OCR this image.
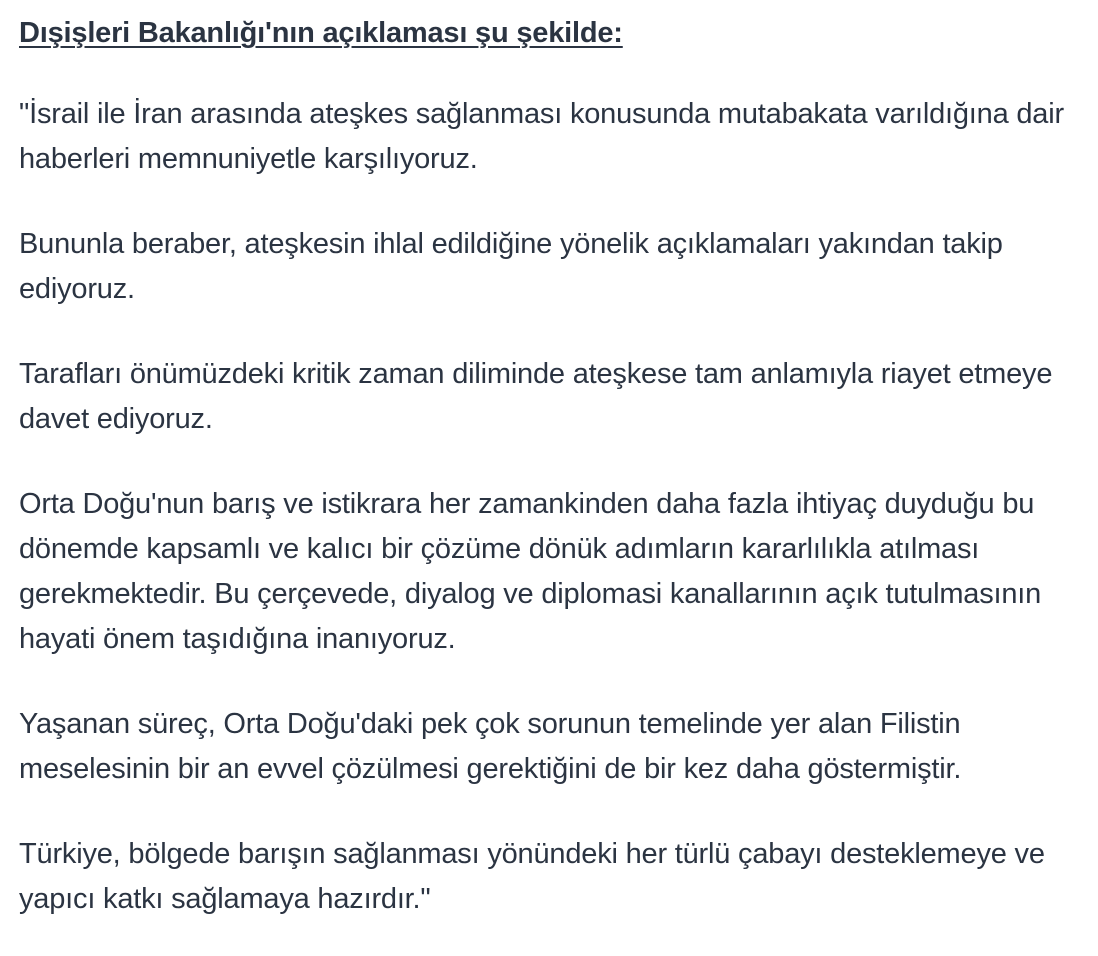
Dışişleri Bakanlığı'nın açıklaması şu şekilde:

"İsrail ile İran arasında ateşkes sağlanması konusunda mutabakata varıldığına dair haberleri memnuniyetle karşılıyoruz.

Bununla beraber, ateşkesin ihlal edildiğine yönelik açıklamaları yakından takip ediyoruz.

Tarafları önümüzdeki kritik zaman diliminde ateşkese tam anlamıyla riayet etmeye davet ediyoruz.

Orta Doğu'nun barış ve istikrara her zamankinden daha fazla ihtiyaç duyduğu bu dönemde kapsamlı ve kalıcı bir çözüme dönük adımların kararlılıkla atılması gerekmektedir. Bu çerçevede, diyalog ve diplomasi kanallarının açık tutulmasının hayati önem taşıdığına inanıyoruz.

Yaşanan süreç, Orta Doğu'daki pek çok sorunun temelinde yer alan Filistin meselesinin bir an evvel çözülmesi gerektiğini de bir kez daha göstermiştir.

Türkiye, bölgede barışın sağlanması yönündeki her türlü çabayı desteklemeye ve yapıcı katkı sağlamaya hazırdır."
